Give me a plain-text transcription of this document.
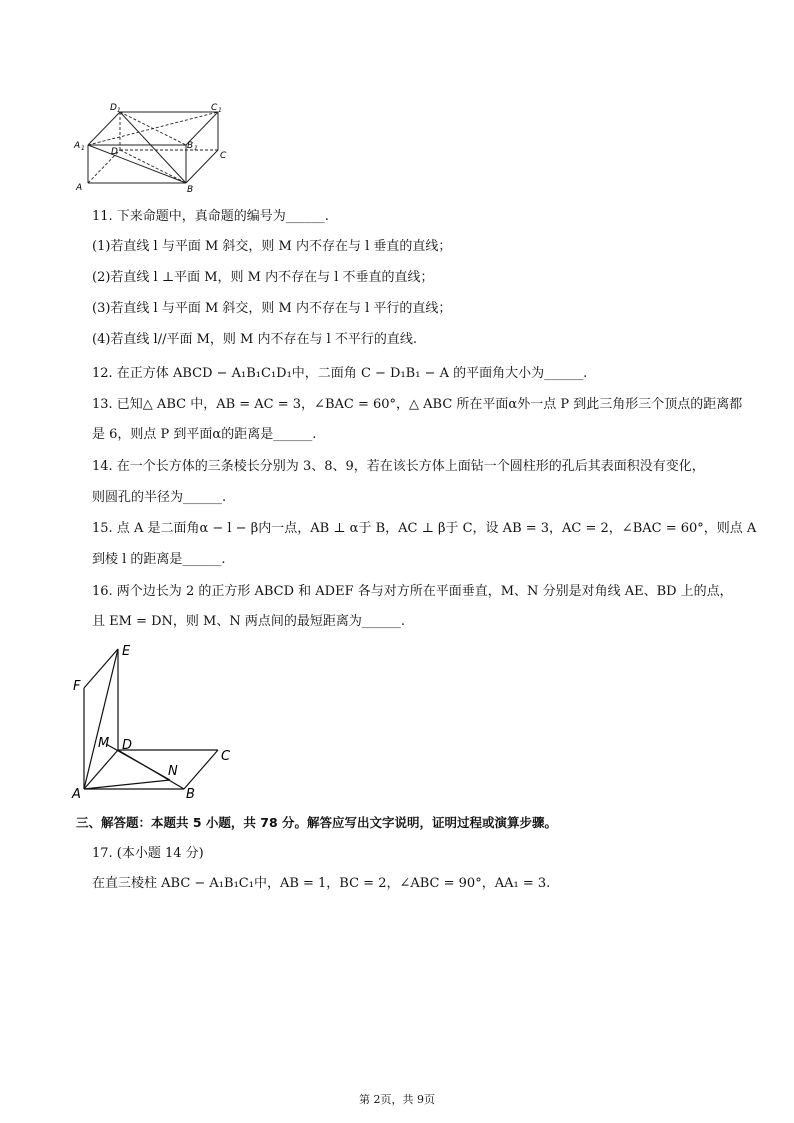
D 1	C 1
A 1	B 1
D	C
A	B
11. 下来命题中，真命题的编号为______.
(1)若直线 l 与平面 M 斜交，则 M 内不存在与 l 垂直的直线；
(2)若直线 l ⊥平面 M，则 M 内不存在与 l 不垂直的直线；
(3)若直线 l 与平面 M 斜交，则 M 内不存在与 l 平行的直线；
(4)若直线 l//平面 M，则 M 内不存在与 l 不平行的直线.
12. 在正方体 ABCD − A₁B₁C₁D₁中，二面角 C − D₁B₁ − A 的平面角大小为______.
13. 已知△ ABC 中，AB = AC = 3，∠BAC = 60°，△ ABC 所在平面α外一点 P 到此三角形三个顶点的距离都
是 6，则点 P 到平面α的距离是______.
14. 在一个长方体的三条棱长分别为 3、8、9，若在该长方体上面钻一个圆柱形的孔后其表面积没有变化，
则圆孔的半径为______.
15. 点 A 是二面角α − l − β内一点，AB ⊥ α于 B，AC ⊥ β于 C，设 AB = 3，AC = 2，∠BAC = 60°，则点 A
到棱 l 的距离是______.
16. 两个边长为 2 的正方形 ABCD 和 ADEF 各与对方所在平面垂直，M、N 分别是对角线 AE、BD 上的点，
且 EM = DN，则 M、N 两点间的最短距离为______.
E
F
M D
C
N
A	B
三、解答题：本题共 5 小题，共 78 分。解答应写出文字说明，证明过程或演算步骤。
17. (本小题 14 分)
在直三棱柱 ABC − A₁B₁C₁中，AB = 1，BC = 2，∠ABC = 90°，AA₁ = 3.
第 2页，共 9页
